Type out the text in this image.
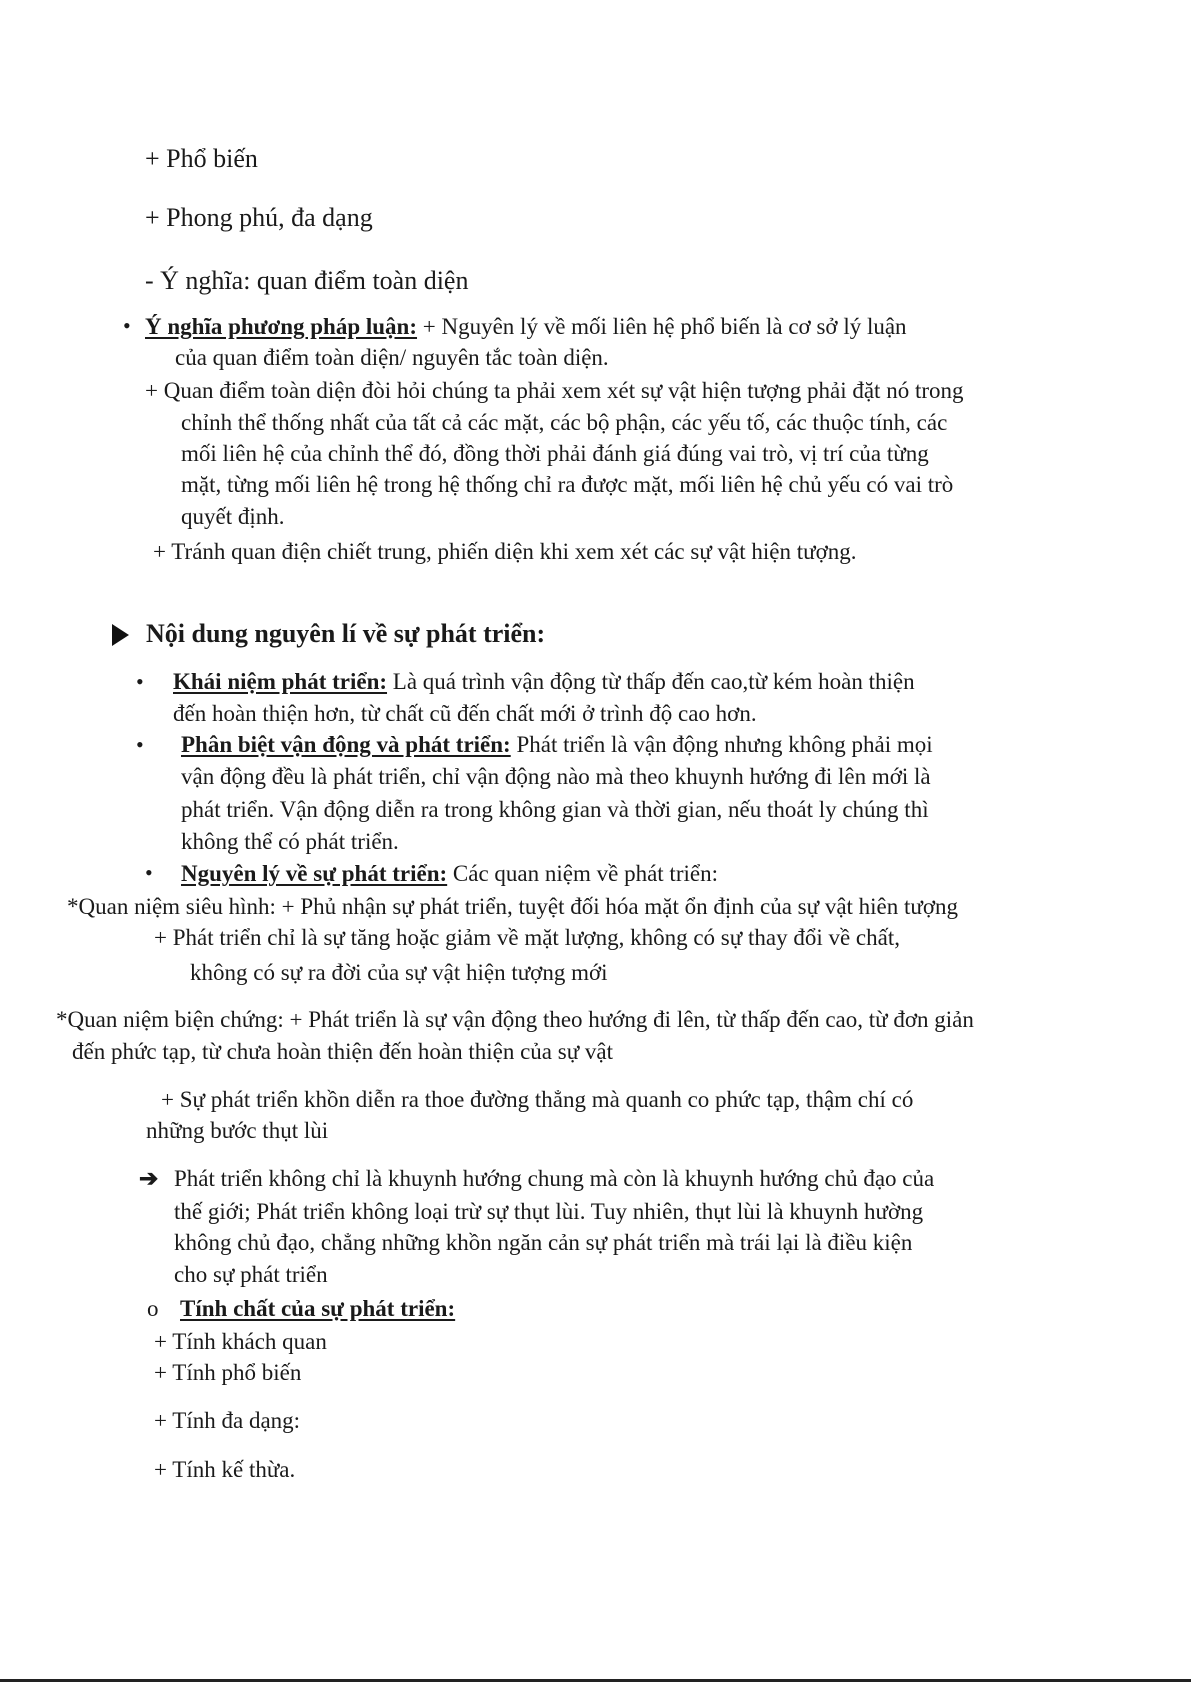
+ Phổ biến
+ Phong phú, đa dạng
- Ý nghĩa: quan điểm toàn diện
• Ý nghĩa phương pháp luận: + Nguyên lý về mối liên hệ phổ biến là cơ sở lý luận
của quan điểm toàn diện/ nguyên tắc toàn diện.
+ Quan điểm toàn diện đòi hỏi chúng ta phải xem xét sự vật hiện tượng phải đặt nó trong
chỉnh thể thống nhất của tất cả các mặt, các bộ phận, các yếu tố, các thuộc tính, các
mối liên hệ của chỉnh thể đó, đồng thời phải đánh giá đúng vai trò, vị trí của từng
mặt, từng mối liên hệ trong hệ thống chỉ ra được mặt, mối liên hệ chủ yếu có vai trò
quyết định.
+ Tránh quan điện chiết trung, phiến diện khi xem xét các sự vật hiện tượng.
Nội dung nguyên lí về sự phát triển:
• Khái niệm phát triển: Là quá trình vận động từ thấp đến cao,từ kém hoàn thiện
đến hoàn thiện hơn, từ chất cũ đến chất mới ở trình độ cao hơn.
• Phân biệt vận động và phát triển: Phát triển là vận động nhưng không phải mọi
vận động đều là phát triển, chỉ vận động nào mà theo khuynh hướng đi lên mới là
phát triển. Vận động diễn ra trong không gian và thời gian, nếu thoát ly chúng thì
không thể có phát triển.
• Nguyên lý về sự phát triển: Các quan niệm về phát triển:
*Quan niệm siêu hình: + Phủ nhận sự phát triển, tuyệt đối hóa mặt ổn định của sự vật hiên tượng
+ Phát triển chỉ là sự tăng hoặc giảm về mặt lượng, không có sự thay đổi về chất,
không có sự ra đời của sự vật hiện tượng mới
*Quan niệm biện chứng: + Phát triển là sự vận động theo hướng đi lên, từ thấp đến cao, từ đơn giản
đến phức tạp, từ chưa hoàn thiện đến hoàn thiện của sự vật
+ Sự phát triển khồn diễn ra thoe đường thẳng mà quanh co phức tạp, thậm chí có
những bước thụt lùi
➔ Phát triển không chỉ là khuynh hướng chung mà còn là khuynh hướng chủ đạo của
thế giới; Phát triển không loại trừ sự thụt lùi. Tuy nhiên, thụt lùi là khuynh hường
không chủ đạo, chẳng những khồn ngăn cản sự phát triển mà trái lại là điều kiện
cho sự phát triển
o Tính chất của sự phát triển:
+ Tính khách quan
+ Tính phổ biến
+ Tính đa dạng:
+ Tính kế thừa.
